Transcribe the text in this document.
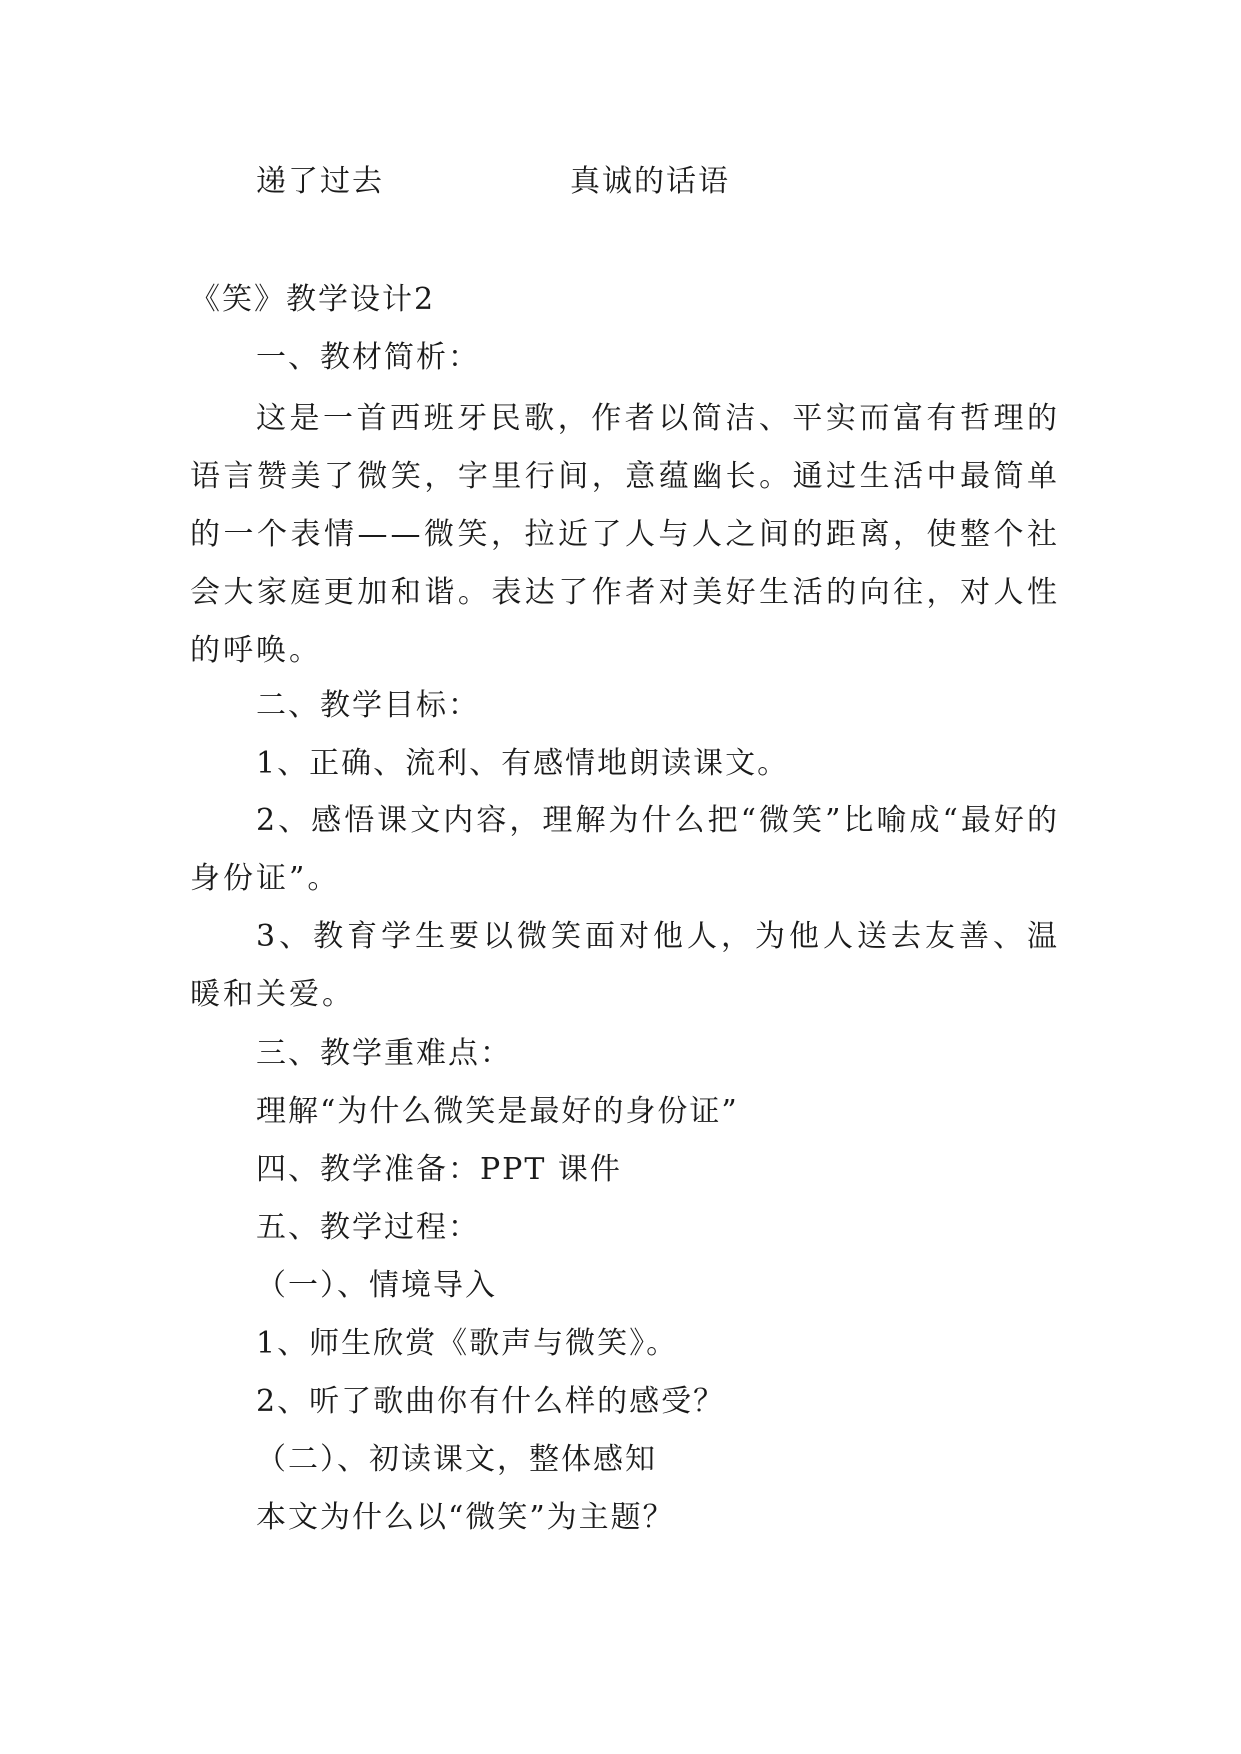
递了过去	真诚的话语
《笑》教学设计2
一、教材简析：
这是一首西班牙民歌，作者以简洁、平实而富有哲理的语言赞美了微笑，字里行间，意蕴幽长。通过生活中最简单的一个表情——微笑，拉近了人与人之间的距离，使整个社会大家庭更加和谐。表达了作者对美好生活的向往，对人性的呼唤。
二、教学目标：
1、正确、流利、有感情地朗读课文。
2、感悟课文内容，理解为什么把“微笑”比喻成“最好的身份证”。
3、教育学生要以微笑面对他人，为他人送去友善、温暖和关爱。
三、教学重难点：
理解“为什么微笑是最好的身份证”
四、教学准备：PPT 课件
五、教学过程：
（一）、情境导入
1、师生欣赏《歌声与微笑》。
2、听了歌曲你有什么样的感受？
（二）、初读课文，整体感知
本文为什么以“微笑”为主题？
